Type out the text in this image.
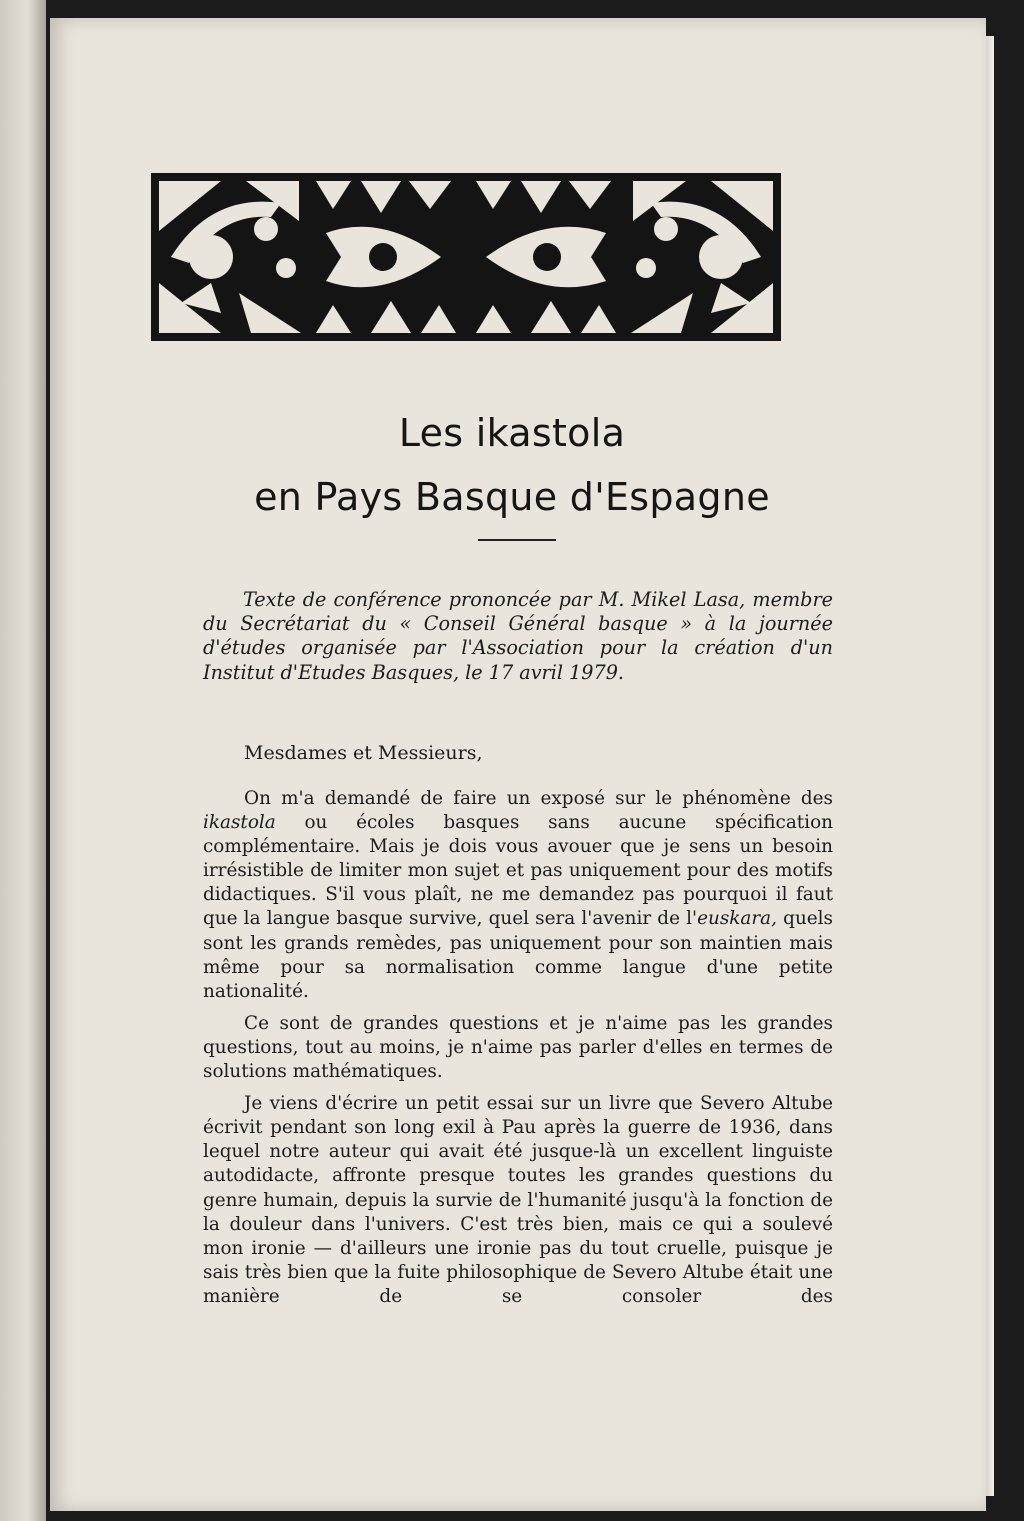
Les ikastola
en Pays Basque d'Espagne
Texte de conférence prononcée par M. Mikel Lasa, membre du Secrétariat du « Conseil Général basque » à la journée d'études organisée par l'Association pour la création d'un Institut d'Etudes Basques, le 17 avril 1979.
Mesdames et Messieurs,

On m'a demandé de faire un exposé sur le phénomène des ikastola ou écoles basques sans aucune spécification complémentaire. Mais je dois vous avouer que je sens un besoin irrésistible de limiter mon sujet et pas uniquement pour des motifs didactiques. S'il vous plaît, ne me demandez pas pourquoi il faut que la langue basque survive, quel sera l'avenir de l'euskara, quels sont les grands remèdes, pas uniquement pour son maintien mais même pour sa normalisation comme langue d'une petite nationalité.

Ce sont de grandes questions et je n'aime pas les grandes questions, tout au moins, je n'aime pas parler d'elles en termes de solutions mathématiques.

Je viens d'écrire un petit essai sur un livre que Severo Altube écrivit pendant son long exil à Pau après la guerre de 1936, dans lequel notre auteur qui avait été jusque-là un excellent linguiste autodidacte, affronte presque toutes les grandes questions du genre humain, depuis la survie de l'humanité jusqu'à la fonction de la douleur dans l'univers. C'est très bien, mais ce qui a soulevé mon ironie — d'ailleurs une ironie pas du tout cruelle, puisque je sais très bien que la fuite philosophique de Severo Altube était une manière de se consoler des
